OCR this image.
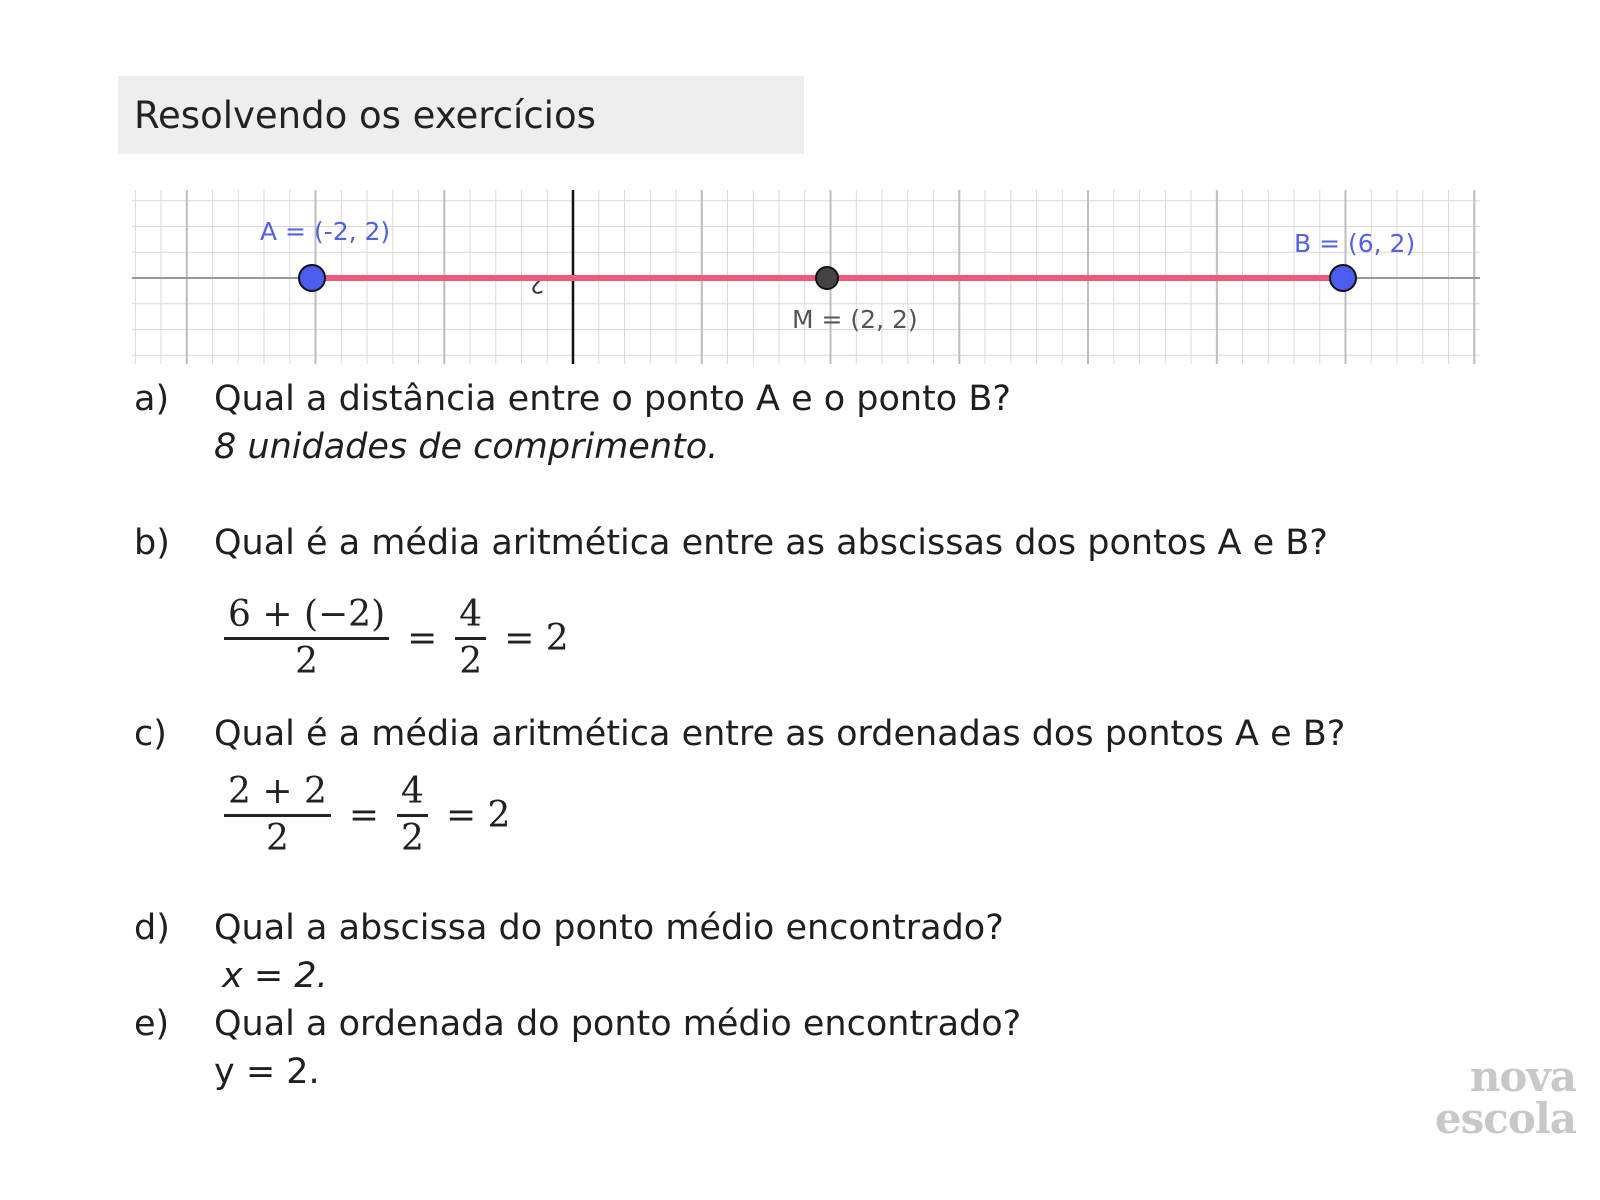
Resolvendo os exercícios
2
A = (-2, 2)	B = (6, 2)
M = (2, 2)
a)	Qual a distância entre o ponto A e o ponto B?
8 unidades de comprimento.
b)	Qual é a média aritmética entre as abscissas dos pontos A e B?
$\frac{6 + (-2)}{2} = \frac{4}{2} = 2$
c)	Qual é a média aritmética entre as ordenadas dos pontos A e B?
$\frac{2 + 2}{2} = \frac{4}{2} = 2$
d)	Qual a abscissa do ponto médio encontrado?
x = 2.
e)	Qual a ordenada do ponto médio encontrado?
y = 2.	nova
escola
